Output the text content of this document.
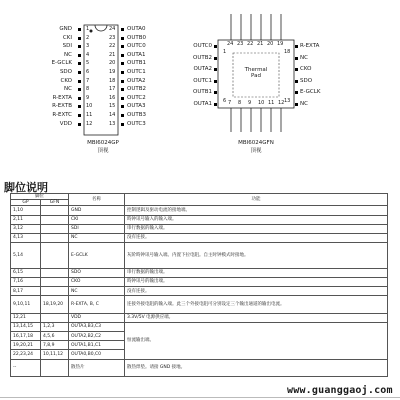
GND	1
CKI	2
SDI	3
NC	4
E-GCLK	5
SDO	6
CKO	7
NC	8
R-EXTA	9
R-EXTB	10
R-EXTC	11
VDD	12
24 OUTA0
23 OUTB0
22 OUTC0
21 OUTA1
20 OUTB1
19 OUTC1
18 OUTA2
17 OUTB2
16 OUTC2
15 OUTA3
14 OUTB3
13 OUTC3
MBI6024GP
顶视
24 23 22 21 20 19
7 8 9 10 11 12
OUTC0
OUTB2
OUTA2
OUTC1
OUTB1
OUTA1
R-EXTA
NC
CKO
SDO
E-GCLK
NC
1
6
18
13
Thermal Pad
MBI6024GFN
顶视
脚位说明
脚位		名称	功能
GP	GFN		
1,10		GND	控制逻辑及驱动电流的接地端。
2,11		CKI	時钟讯号输入的输入端。
3,12		SDI	串行数据的输入端。
4,13		NC	没有连接。
5,14		E-GCLK	灰阶時钟讯号输入端。内置下拉电阻。自主时钟模式时接地。
6,15		SDO	串行数据的输出端。
7,16		CKO	時钟讯号的输出端。
8,17		NC	没有连接。
9,10,11	18,19,20	R-EXTA, B, C	连接外接电阻的输入端。此三个外接电阻可分别设定三个输出通道的输出电流。
12,21		VDD	3.3V/5V 电源供应端。
13,14,15	1,2,3	OUTA3,B3,C3	恒流输出端。
16,17,18	4,5,6	OUTA2,B2,C2	
19,20,21	7,8,9	OUTA1,B1,C1	
22,23,24	10,11,12	OUTA0,B0,C0	
--		散热片	散热焊垫。请接 GND 接地。
www.guanggaoj.com
